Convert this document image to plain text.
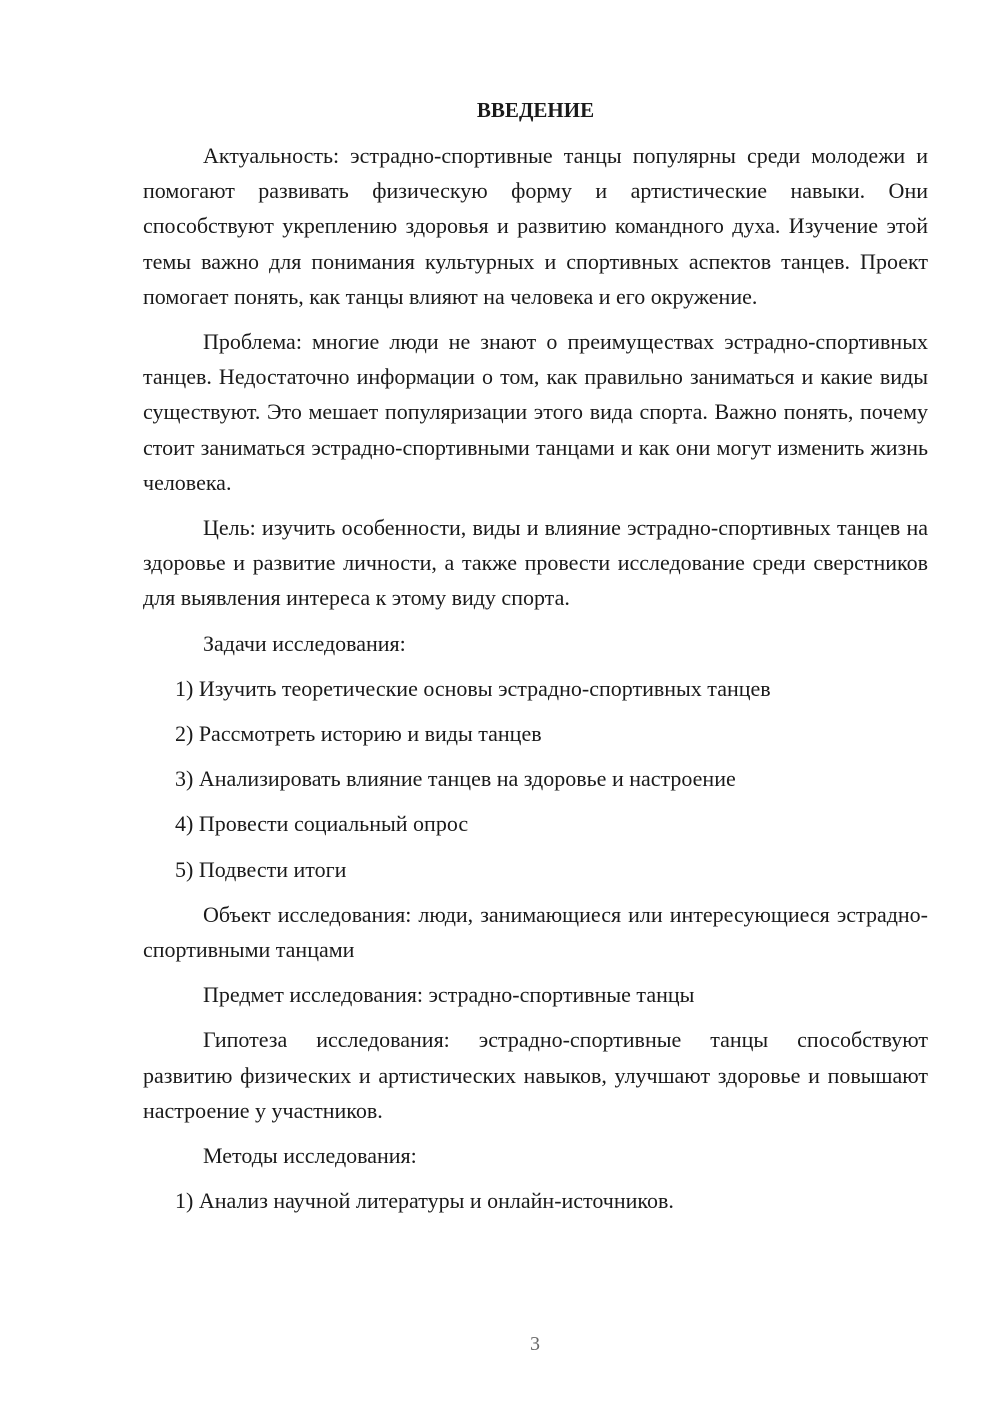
ВВЕДЕНИЕ

Актуальность: эстрадно-спортивные танцы популярны среди молодежи и помогают развивать физическую форму и артистические навыки. Они способствуют укреплению здоровья и развитию командного духа. Изучение этой темы важно для понимания культурных и спортивных аспектов танцев. Проект помогает понять, как танцы влияют на человека и его окружение.

Проблема: многие люди не знают о преимуществах эстрадно-спортивных танцев. Недостаточно информации о том, как правильно заниматься и какие виды существуют. Это мешает популяризации этого вида спорта. Важно понять, почему стоит заниматься эстрадно-спортивными танцами и как они могут изменить жизнь человека.

Цель: изучить особенности, виды и влияние эстрадно-спортивных танцев на здоровье и развитие личности, а также провести исследование среди сверстников для выявления интереса к этому виду спорта.

Задачи исследования:

1) Изучить теоретические основы эстрадно-спортивных танцев

2) Рассмотреть историю и виды танцев

3) Анализировать влияние танцев на здоровье и настроение

4) Провести социальный опрос

5) Подвести итоги

Объект исследования: люди, занимающиеся или интересующиеся эстрадно-спортивными танцами

Предмет исследования: эстрадно-спортивные танцы

Гипотеза исследования: эстрадно-спортивные танцы способствуют развитию физических и артистических навыков, улучшают здоровье и повышают настроение у участников.

Методы исследования:

1) Анализ научной литературы и онлайн-источников.

3
